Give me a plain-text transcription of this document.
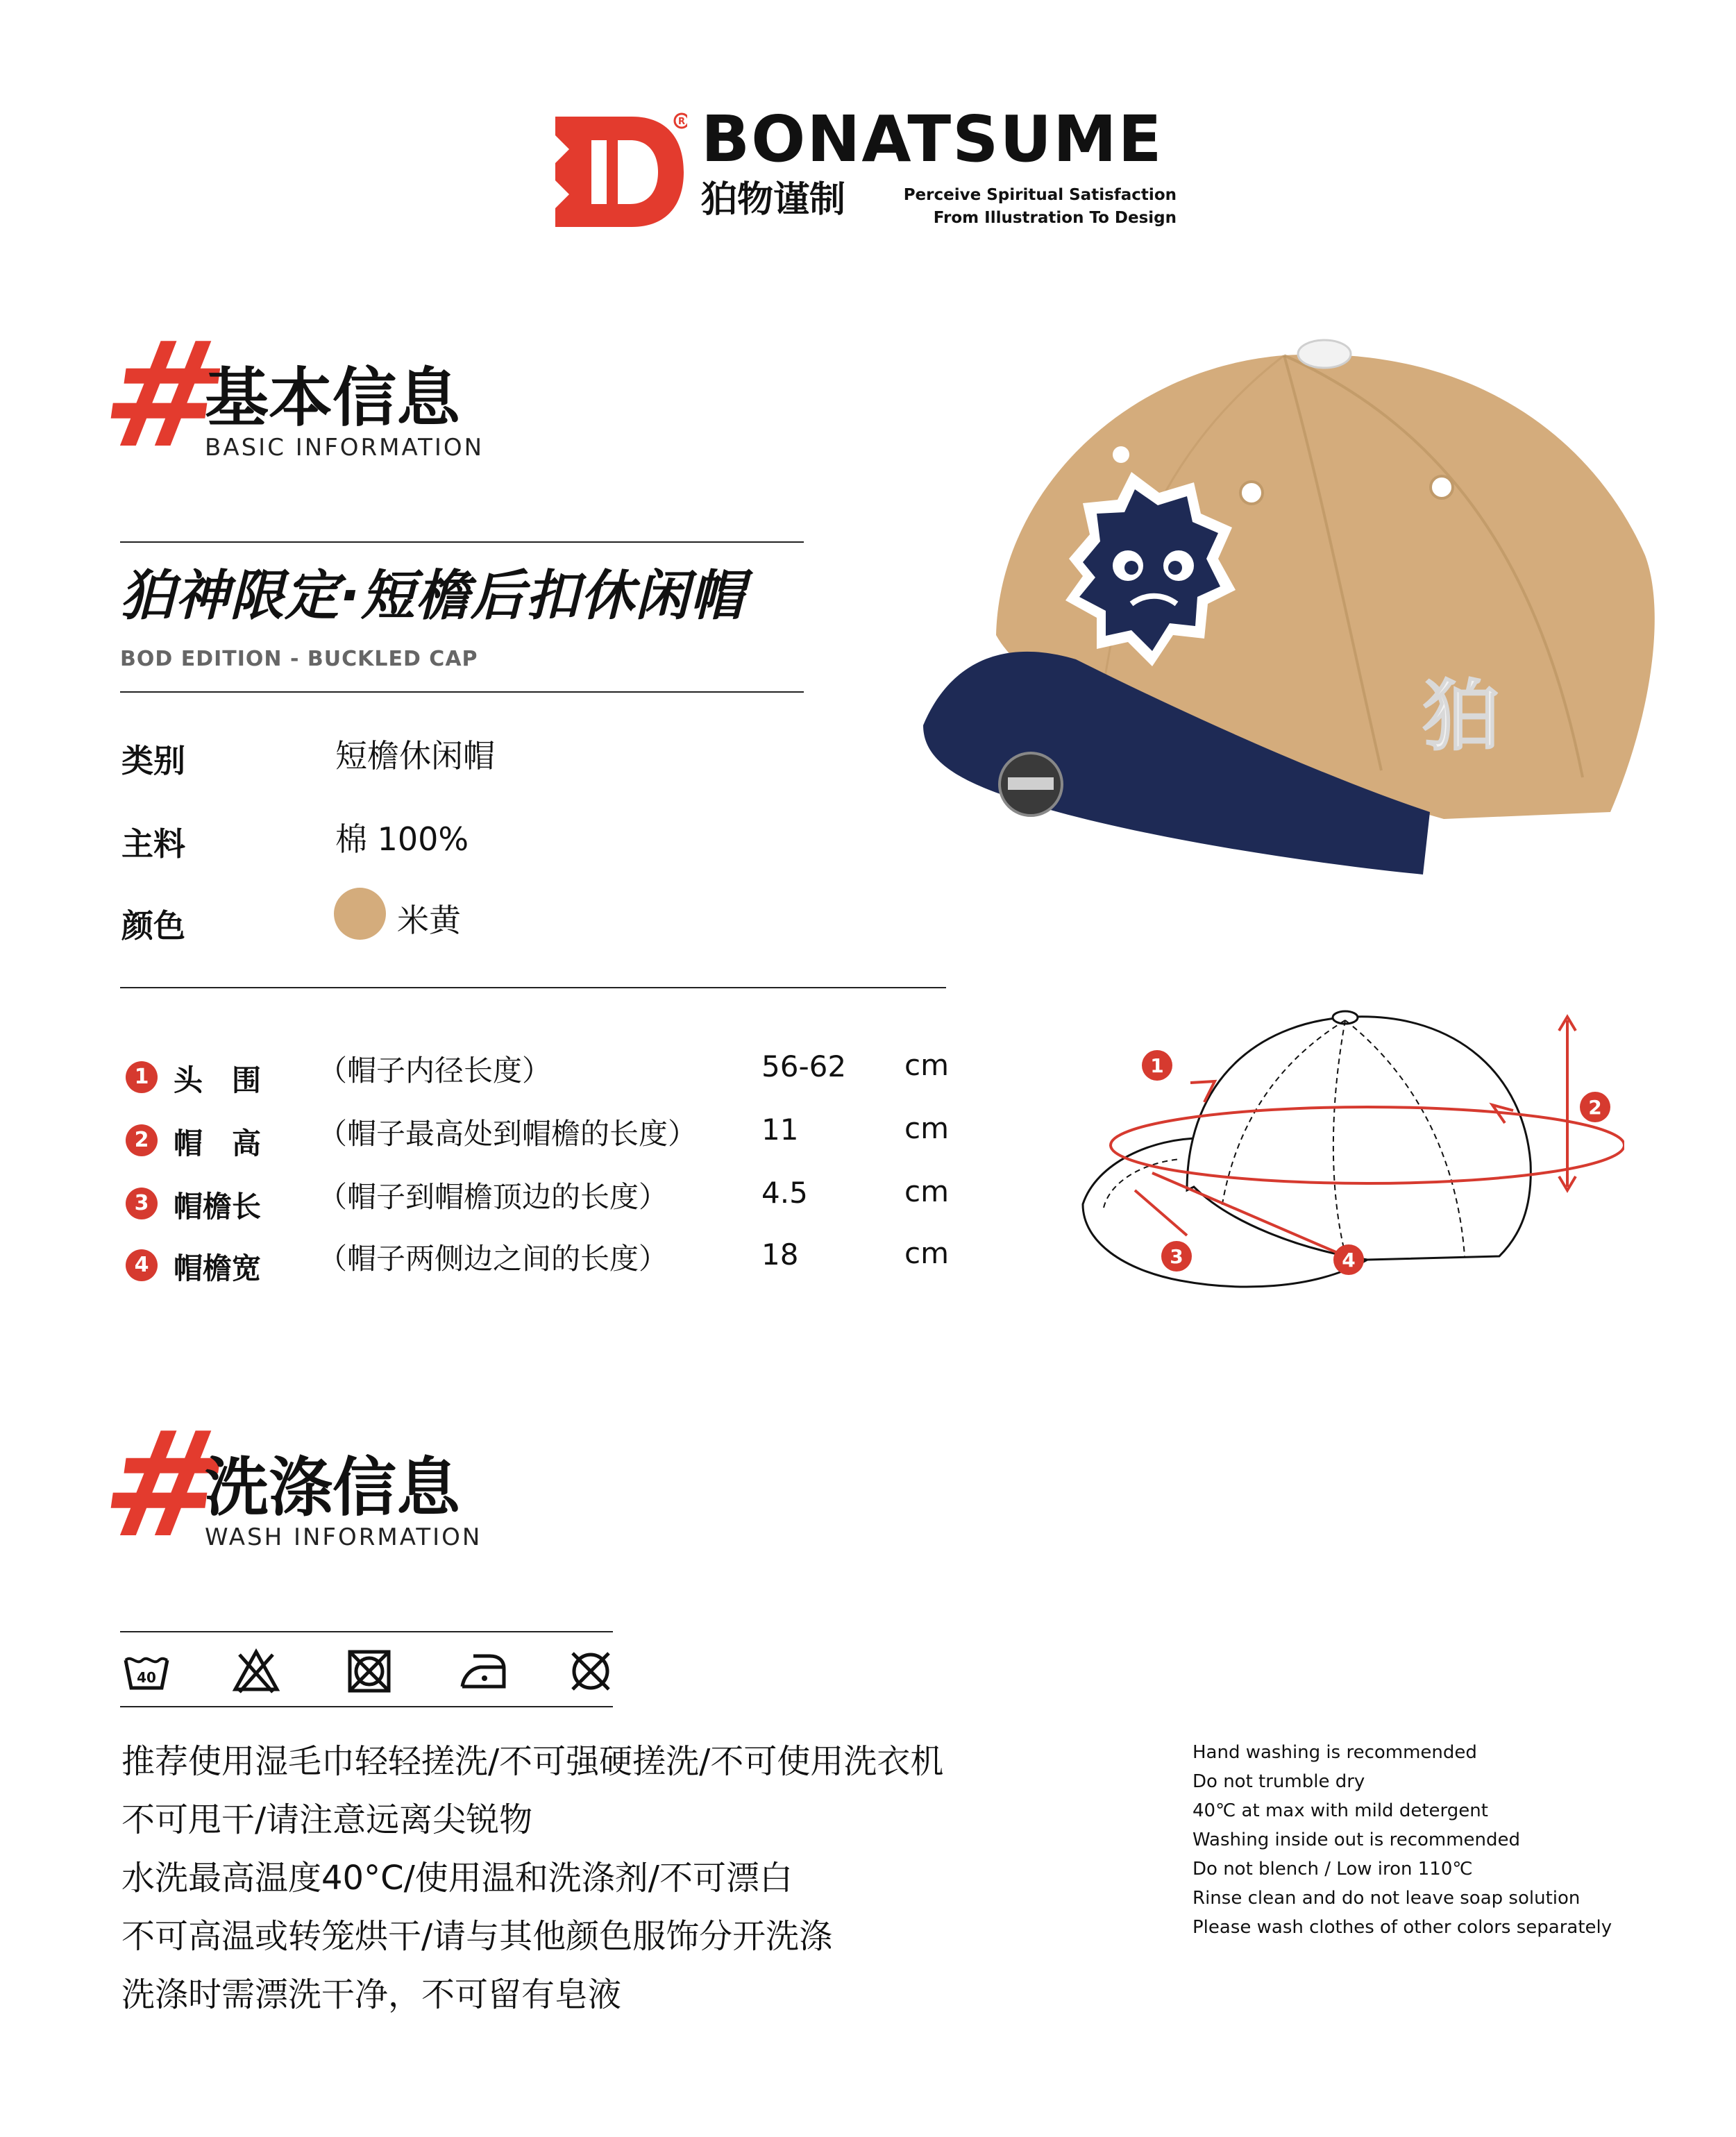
R BONATSUME
狛物谨制	Perceive Spiritual Satisfaction
From Illustration To Design
#
基本信息
BASIC INFORMATION
狛神限定·短檐后扣休闲帽
BOD EDITION - BUCKLED CAP
类别	短檐休闲帽
主料	棉 100%
颜色	米黄
狛
1 头　围 （帽子内径长度）	56-62 cm
2 帽　高 （帽子最高处到帽檐的长度） 11	cm
3 帽檐长 （帽子到帽檐顶边的长度）	4.5	cm
4 帽檐宽 （帽子两侧边之间的长度）	18	cm
1
2
3	4
#
洗涤信息
WASH INFORMATION
40
推荐使用湿毛巾轻轻搓洗/不可强硬搓洗/不可使用洗衣机
不可甩干/请注意远离尖锐物
水洗最高温度40°C/使用温和洗涤剂/不可漂白
不可高温或转笼烘干/请与其他颜色服饰分开洗涤
洗涤时需漂洗干净，不可留有皂液
Hand washing is recommended
Do not trumble dry
40℃ at max with mild detergent
Washing inside out is recommended
Do not blench / Low iron 110℃
Rinse clean and do not leave soap solution
Please wash clothes of other colors separately
